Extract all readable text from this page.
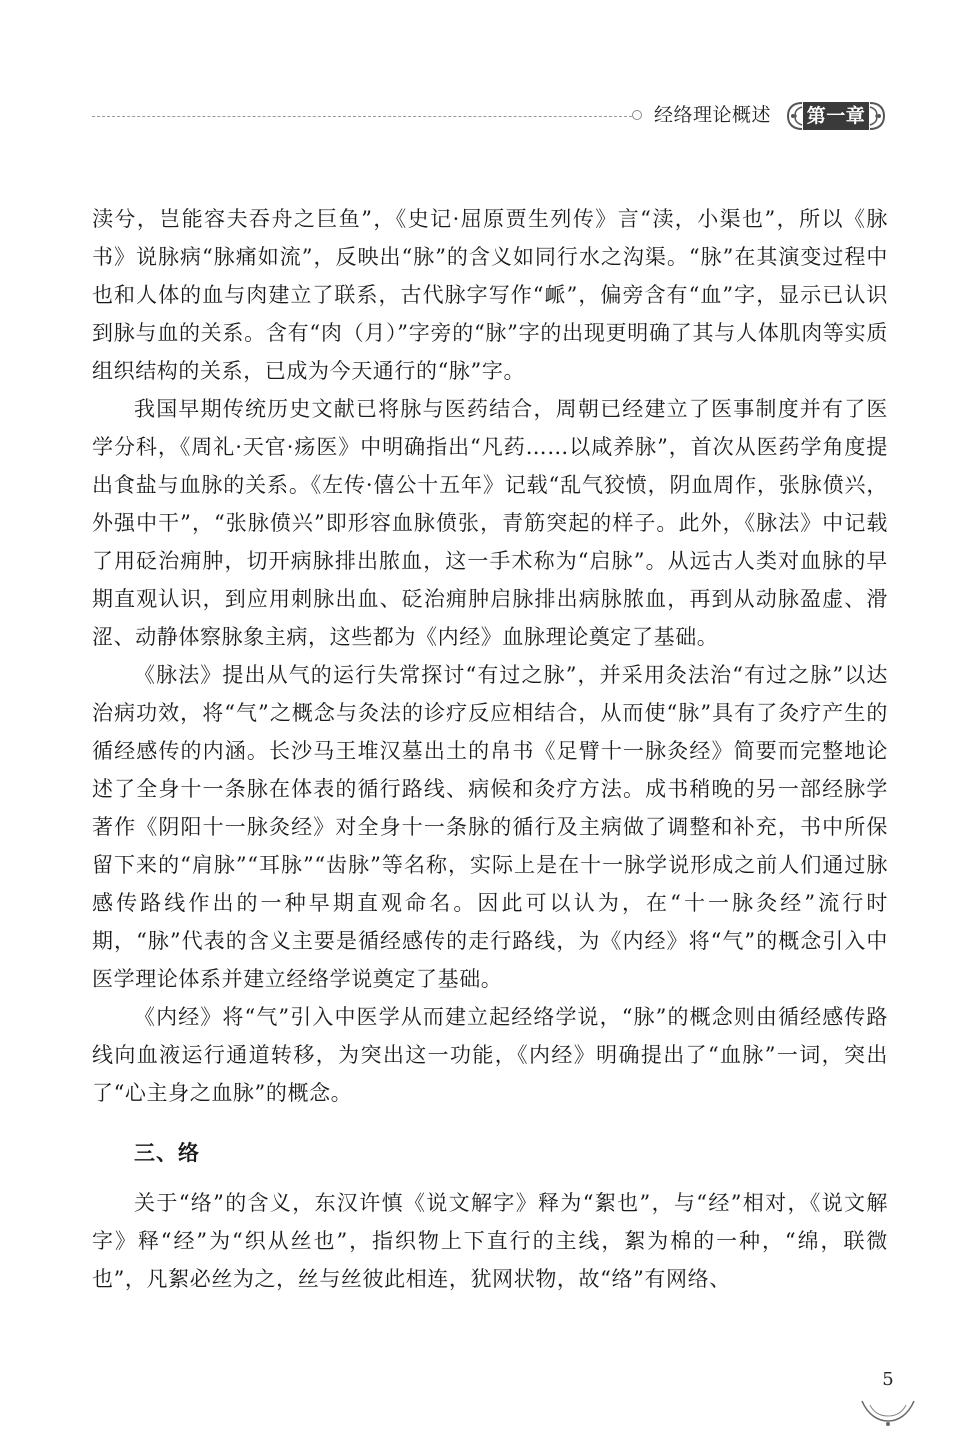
经络理论概述 第一章

渎兮，岂能容夫吞舟之巨鱼”，《史记·屈原贾生列传》言“渎，小渠也”，所以《脉书》说脉病“脉痛如流”，反映出“脉”的含义如同行水之沟渠。“脉”在其演变过程中也和人体的血与肉建立了联系，古代脉字写作“衇”，偏旁含有“血”字，显示已认识到脉与血的关系。含有“肉（月）”字旁的“脉”字的出现更明确了其与人体肌肉等实质组织结构的关系，已成为今天通行的“脉”字。

我国早期传统历史文献已将脉与医药结合，周朝已经建立了医事制度并有了医学分科，《周礼·天官·疡医》中明确指出“凡药……以咸养脉”，首次从医药学角度提出食盐与血脉的关系。《左传·僖公十五年》记载“乱气狡愤，阴血周作，张脉偾兴，外强中干”，“张脉偾兴”即形容血脉偾张，青筋突起的样子。此外，《脉法》中记载了用砭治痈肿，切开病脉排出脓血，这一手术称为“启脉”。从远古人类对血脉的早期直观认识，到应用刺脉出血、砭治痈肿启脉排出病脉脓血，再到从动脉盈虚、滑涩、动静体察脉象主病，这些都为《内经》血脉理论奠定了基础。

《脉法》提出从气的运行失常探讨“有过之脉”，并采用灸法治“有过之脉”以达治病功效，将“气”之概念与灸法的诊疗反应相结合，从而使“脉”具有了灸疗产生的循经感传的内涵。长沙马王堆汉墓出土的帛书《足臂十一脉灸经》简要而完整地论述了全身十一条脉在体表的循行路线、病候和灸疗方法。成书稍晚的另一部经脉学著作《阴阳十一脉灸经》对全身十一条脉的循行及主病做了调整和补充，书中所保留下来的“肩脉”“耳脉”“齿脉”等名称，实际上是在十一脉学说形成之前人们通过脉感传路线作出的一种早期直观命名。因此可以认为，在“十一脉灸经”流行时期，“脉”代表的含义主要是循经感传的走行路线，为《内经》将“气”的概念引入中医学理论体系并建立经络学说奠定了基础。

《内经》将“气”引入中医学从而建立起经络学说，“脉”的概念则由循经感传路线向血液运行通道转移，为突出这一功能，《内经》明确提出了“血脉”一词，突出了“心主身之血脉”的概念。

三、络

关于“络”的含义，东汉许慎《说文解字》释为“絮也”，与“经”相对，《说文解字》释“经”为“织从丝也”，指织物上下直行的主线，絮为棉的一种，“绵，联微也”，凡絮必丝为之，丝与丝彼此相连，犹网状物，故“络”有网络、

5
